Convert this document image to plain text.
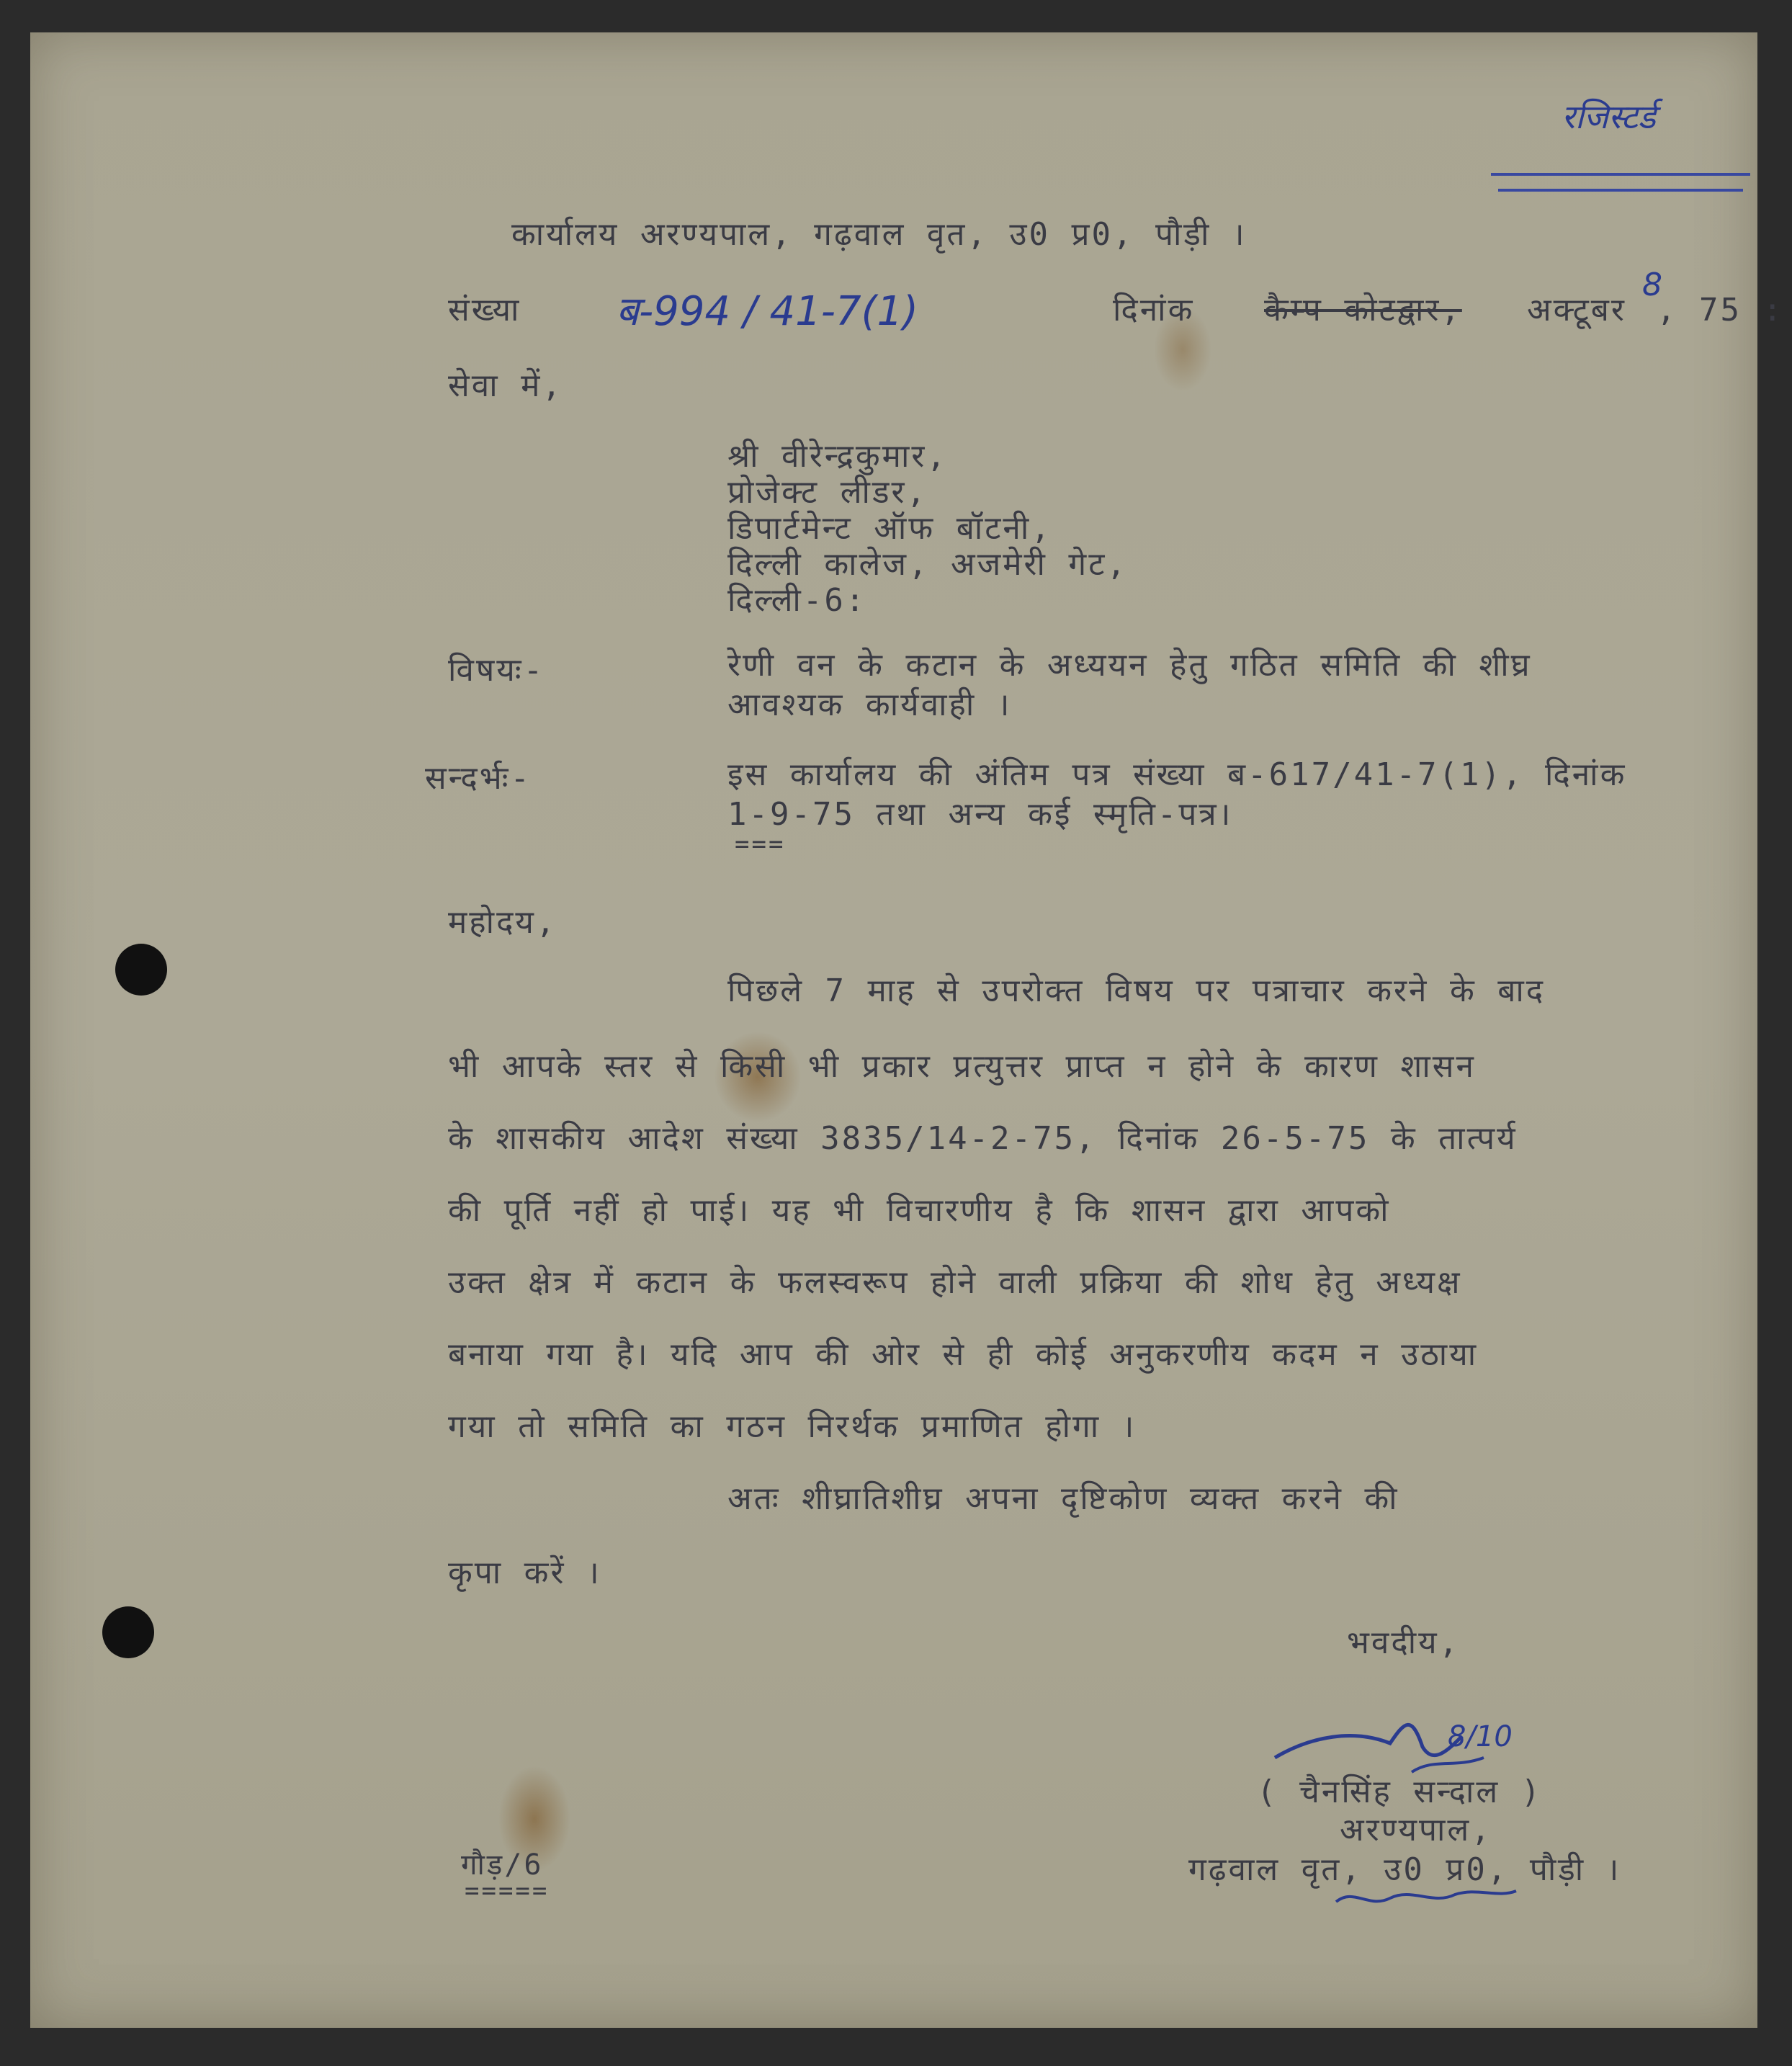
रजिस्टर्ड
कार्यालय अरण्यपाल, गढ़वाल वृत, उ0 प्र0, पौड़ी ।
संख्या ब-994 / 41-7(1)	दिनांक कैम्प कोटद्वार, अक्टूबर
8
, 75 :
सेवा में,
श्री वीरेन्द्रकुमार,
प्रोजेक्ट लीडर,
डिपार्टमेन्ट ऑफ बॉटनी,
दिल्ली कालेज, अजमेरी गेट,
दिल्ली-6:
विषयः-	रेणी वन के कटान के अध्ययन हेतु गठित समिति की शीघ्र
आवश्यक कार्यवाही ।
सन्दर्भः-	इस कार्यालय की अंतिम पत्र संख्या ब-617/41-7(1), दिनांक
1-9-75 तथा अन्य कई स्मृति-पत्र।
===
महोदय,
पिछले 7 माह से उपरोक्त विषय पर पत्राचार करने के बाद
भी आपके स्तर से किसी भी प्रकार प्रत्युत्तर प्राप्त न होने के कारण शासन
के शासकीय आदेश संख्या 3835/14-2-75, दिनांक 26-5-75 के तात्पर्य
की पूर्ति नहीं हो पाई। यह भी विचारणीय है कि शासन द्वारा आपको
उक्त क्षेत्र में कटान के फलस्वरूप होने वाली प्रक्रिया की शोध हेतु अध्यक्ष
बनाया गया है। यदि आप की ओर से ही कोई अनुकरणीय कदम न उठाया
गया तो समिति का गठन निरर्थक प्रमाणित होगा ।
अतः शीघ्रातिशीघ्र अपना दृष्टिकोण व्यक्त करने की
कृपा करें ।
भवदीय,
8/10
( चैनसिंह सन्दाल )
अरण्यपाल,
गढ़वाल वृत, उ0 प्र0, पौड़ी ।
गौड़/6
=====
